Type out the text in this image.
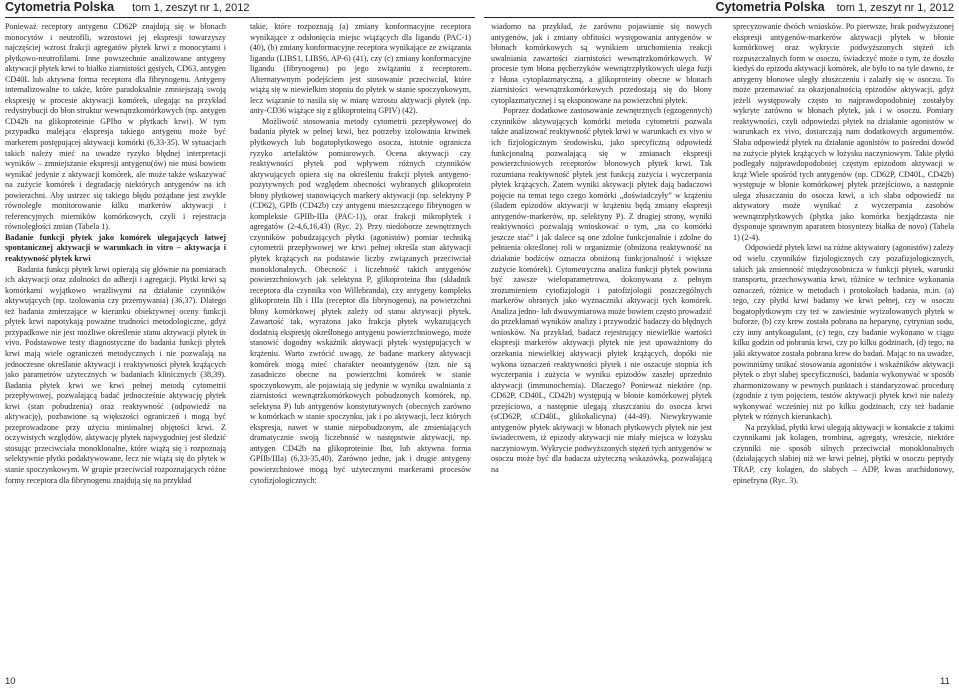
Cytometria Polska tom 1, zeszyt nr 1, 2012	Cytometria Polska tom 1, zeszyt nr 1, 2012

Ponieważ receptory antygenu CD62P znajdują się w błonach monocytów i neutrofili, wzrostowi jej ekspresji towarzyszy najczęściej wzrost frakcji agregatów płytek krwi z monocytami i płytkowo-neutrofilami. Inne powszechnie analizowane antygeny aktywacji płytek krwi to białko ziarnistości gęstych, CD63, antygen CD40L lub aktywna forma receptora dla fibrynogenu. Antygeny internalizowalne to także, które paradoksalnie zmniejszają swoją ekspresję w procesie aktywacji komórek, ulegając na przykład redystrybucji do błon struktur wewnątrzkomórkowych (np. antygen CD42b na glikoproteinie GPIbα w płytkach krwi). W tym przypadku malejąca ekspresja takiego antygenu może być markerem postępującej aktywacji komórki (6,33-35). W sytuacjach takich należy mieć na uwadze ryzyko błędnej interpretacji wyników – zmniejszanie ekspresji antygenu(ów) nie musi bowiem wynikać jedynie z aktywacji komórek, ale może także wskazywać na zużycie komórek i degradację niektórych antygenów na ich powierzchni. Aby ustrzec się takiego błędu pożądane jest zwykle równoległe monitorowanie kilku markerów aktywacji i referencyjnych mierników komórkowych, czyli i rejestracja równoległości zmian (Tabela 1).

Badanie funkcji płytek jako komórek ulegających łatwej spontanicznej aktywacji w warunkach in vitro – aktywacja i reaktywność płytek krwi

Badania funkcji płytek krwi opierają się głównie na pomiarach ich aktywacji oraz zdolności do adhezji i agregacji. Płytki krwi są komórkami wyjątkowo wrażliwymi na działanie czynników aktywujących (np. izolowania czy przemywania) (36,37). Dlatego też badania zmierzające w kierunku obiektywnej oceny funkcji płytek krwi napotykają poważne trudności metodologiczne, gdyż przypadkowe nie jest możliwe określenie stanu aktywacji płytek in vivo. Podstawowe testy diagnostyczne do badania funkcji płytek krwi mają wiele ograniczeń metodycznych i nie pozwalają na jednoczesne określanie aktywacji i reaktywności płytek krążących jako parametrów użytecznych w badaniach klinicznych (38,39). Badania płytek krwi we krwi pełnej metodą cytometrii przepływowej, pozwalającą badać jednocześnie aktywację płytek krwi (stan pobudzenia) oraz reaktywność (odpowiedź na aktywację), pozbawione są większości ograniczeń i mogą być przeprowadzone przy użyciu minimalnej objętości krwi. Z oczywistych względów, aktywację płytek najwygodniej jest śledzić stosując przeciwciała monoklonalne, które wiążą się i rozpoznają selektywnie płytki podaktywowane, lecz nie wiążą się do płytek w stanie spoczynkowym. W grupie przeciwciał rozpoznających różne formy receptora dla fibrynogenu znajdują się na przykład

takie, które rozpoznają (a) zmiany konformacyjne receptora wynikające z odsłonięcia miejsc wiążących dla ligandu (PAC-1) (40), (b) zmiany konformacyjne receptora wynikające ze związania ligandu (LIBS1, LIBS6, AP-6) (41), czy (c) zmiany konformacyjne ligandu (fibrynogenu) po jego związaniu z receptorem. Alternatywnym podejściem jest stosowanie przeciwciał, które wiążą się w niewielkim stopniu do płytek w stanie spoczynkowym, lecz wiązanie to nasila się w miarę wzrostu aktywacji płytek (np. anty-CD36 wiążące się z glikoproteiną GPIV) (42).

Możliwość stosowania metody cytometrii przepływowej do badania płytek w pełnej krwi, bez potrzeby izolowania krwinek płytkowych lub bogatopłytkowego osocza, istotnie ogranicza ryzyko artefaktów pomiarowych. Ocena aktywacji czy reaktywności płytek pod wpływem różnych czynników aktywujących opiera się na określeniu frakcji płytek antygeno-pozytywnych pod względem obecności wybranych glikoprotein błony płytkowej stanowiących markery aktywacji (np. selektyny P (CD62), GPIb (CD42b) czy antygenu mieszczącego fibrynogen w kompleksie GPIIb-IIIa (PAC-1)), oraz frakcji mikropłytek i agregatów (2-4,6,16,43) (Ryc. 2). Przy niedoborze zewnętrznych czynników pobudzających płytki (agonistów) pomiar techniką cytometrii przepływowej we krwi pełnej określa stan aktywacji płytek krążących na podstawie liczby związanych przeciwciał monoklonalnych. Obecność i liczebność takich antygenów powierzchniowych jak selektyna P, glikoproteina Ibα (składnik receptora dla czynnika von Willebranda), czy antygeny kompleks glikoprotein IIb i IIIa (receptor dla fibrynogenu), na powierzchni błony komórkowej płytek zależy od stanu aktywacji płytek. Zawartość tak, wyrażona jako frakcja płytek wykazujących dodatnią ekspresję określonego antygenu powierzchniowego, może stanowić dogodny wskaźnik aktywacji płytek występujących w krążeniu. Warto zwrócić uwagę, że badane markery aktywacji komórek mogą mieć charakter neoantygenów (tzn. nie są zasadniczo obecne na powierzchni komórek w stanie spoczynkowym, ale pojawiają się jedynie w wyniku uwalniania z ziarnistości wewnątrzkomórkowych pobudzonych komórek, np. selektyna P) lub antygenów konstytutywnych (obecnych zarówno w komórkach w stanie spoczynku, jak i po aktywacji, lecz których ekspresja, nawet w stanie niepobudzonym, ale zmieniających dramatycznie swoją liczebność w następstwie aktywacji, np. antygen CD42b na glikoproteinie Ibα, lub aktywna forma GPIIb/IIIa) (6,33-35,40). Zarówno jedne, jak i drugie antygeny powierzchniowe mogą być użytecznymi markerami procesów cytofizjologicznych:

wiadomo na przykład, że zarówno pojawianie się nowych antygenów, jak i zmiany obfitości występowania antygenów w błonach komórkowych są wynikiem uruchomienia reakcji uwalniania zawartości ziarnistości wewnątrzkomórkowych. W procesie tym błona pęcherzyków wewnątrzpłytkowych ulega fuzji z błona cytoplazmatyczną, a glikoproteiny obecne w błonach ziarnistości wewnątrzkomórkowych przedostają się do błony cytoplazmatycznej i są eksponowane na powierzchni płytek.

Poprzez dodatkowe zastosowanie zewnętrznych (egzogennych) czynników aktywujących komórki metoda cytometrii pozwala także analizować reaktywność płytek krwi w warunkach ex vivo w ich fizjologicznym środowisku, jako specyficzną odpowiedź funkcjonalną pozwalającą się w zmianach ekspresji powierzchniowych receptorów błonowych płytek krwi. Tak rozumiana reaktywność płytek jest funkcją zużycia i wyczerpania płytek krążących. Zatem wyniki aktywacji płytek dają badaczowi pojęcie na temat tego czego komórki „doświadczyły” w krążeniu (śladem epizodów aktywacji w krążeniu będą zmiany ekspresji antygenów-markerów, np. selektyny P). Z drugiej strony, wyniki reaktywności pozwalają wnioskować o tym, „na co komórki jeszcze stać” i jak dalece są one zdolne funkcjonalnie i zdolne do pełnienia określonej roli w organizmie (obniżona reaktywność na działanie bodźców oznacza obniżoną funkcjonalność i większe zużycie komórek). Cytometryczna analiza funkcji płytek powinna być zawsze wieloparametrowa, dokonywana z pełnym zrozumieniem cytofizjologii i patofizjologii poszczególnych markerów obranych jako wyznaczniki aktywacji tych komórek. Analiza jedno- lub dwuwymiarowa może bowiem często prowadzić do przekłamań wyników analizy i przywodzić badaczy do błędnych wniosków. Na przykład, badacz rejestrujący niewielkie wartości ekspresji markerów aktywacji płytek nie jest upoważniony do orzekania niewielkiej aktywacji płytek krążących, dopóki nie wykona oznaczeń reaktywności płytek i nie oszacuje stopnia ich wyczerpania i zużycia w wyniku epizodów zaszłej uprzednio aktywacji (immunochemia). Dlaczego? Ponieważ niektóre (np. CD62P, CD40L, CD42b) występują w błonie komórkowej płytek przejściowo, a następnie ulegają złuszczaniu do osocza krwi (sCD62P, sCD40L, glikokalicyna) (44-49). Niewykrywanie antygenów płytek aktywacji w błonach płytkowych płytek nie jest świadectwem, iż epizody aktywacji nie miały miejsca w łożysku naczyniowym. Wykrycie podwyższonych stężeń tych antygenów w osoczu może być dla badacza użyteczną wskazówką, pozwalającą na

sprecyzowanie dwóch wniosków. Po pierwsze, brak podwyższonej ekspresji antygenów-markerów aktywacji płytek w błonie komórkowej oraz wykrycie podwyższonych stężeń ich rozpuszczalnych form w osoczu, świadczyć może o tym, że doszło kiedyś do epizodu aktywacji komórek, ale było to na tyle dawno, że antygeny błonowe uległy złuszczeniu i zalazły się w osoczu. To może przemawiać za okazjonalnością epizodów aktywacji, gdyż jeżeli występowały często to najprawdopodobniej zostałyby wykryte zarówno w błonach płytek, jak i w osoczu. Pomiary reaktywności, czyli odpowiedzi płytek na działanie agonistów w warunkach ex vivo, dostarczają nam dodatkowych argumentów. Słaba odpowiedź płytek na działanie agonistów to pośredni dowód na zużycie płytek krążących w łożysku naczyniowym. Takie płytki podlegały najprawdopodobniej częstym epizodom aktywacji w krąż Wiele spośród tych antygenów (np. CD62P, CD40L, CD42b) występuje w błonie komórkowej płytek przejściowo, a następnie ulega złuszczaniu do osocza krwi, a ich słaba odpowiedź na aktywatory może wynikać z wyczerpania zasobów wewnątrzpłytkowych (płytka jako komórka bezjądrzasta nie dysponuje sprawnym aparatem biosyntezy białka de novo) (Tabela 1) (2-4).

Odpowiedź płytek krwi na różne aktywatory (agonistów) zależy od wielu czynników fizjologicznych czy pozafizjologicznych, takich jak zmienność międzyosobnicza w funkcji płytek, warunki transportu, przechowywania krwi, różnice w technice wykonania oznaczeń, różnice w metodach i protokołach badania, m.in. (a) tego, czy płytki krwi badamy we krwi pełnej, czy w osoczu bogatopłytkowym czy też w zawiesinie wyizolowanych płytek w buforze, (b) czy krew została pobrana na heparynę, cytrynian sodu, czy inny antykoagulant, (c) tego, czy badanie wykonano w ciągu kilku godzin od pobrania krwi, czy po kilku godzinach, (d) tego, na jaki aktywator została pobrana krew do badań. Mając to na uwadze, powinniśmy unikać stosowania agonistów i wskaźników aktywacji płytek o zbyt słabej specyficzności, badania wykonywać w sposób zharmonizowany w pewnych punktach i standaryzować procedurę (zgodnie z tym pojęciem, testów aktywacji płytek krwi nie należy wykonywać wcześniej niż po kilku godzinach, czy też badanie płytek w różnych kierunkach).

Na przykład, płytki krwi ulegają aktywacji w kontakcie z takimi czynnikami jak kolagen, trombina, agregaty, wreszcie, niektóre czynniki nie sposób silnych przeciwciał monoklonalnych (działających słabiej niż we krwi pełnej, płytki w osoczu peptydy TRAP, czy kolagen, do słabych – ADP, kwas arachidonowy, epinefryna (Ryc. 3).

10	11
